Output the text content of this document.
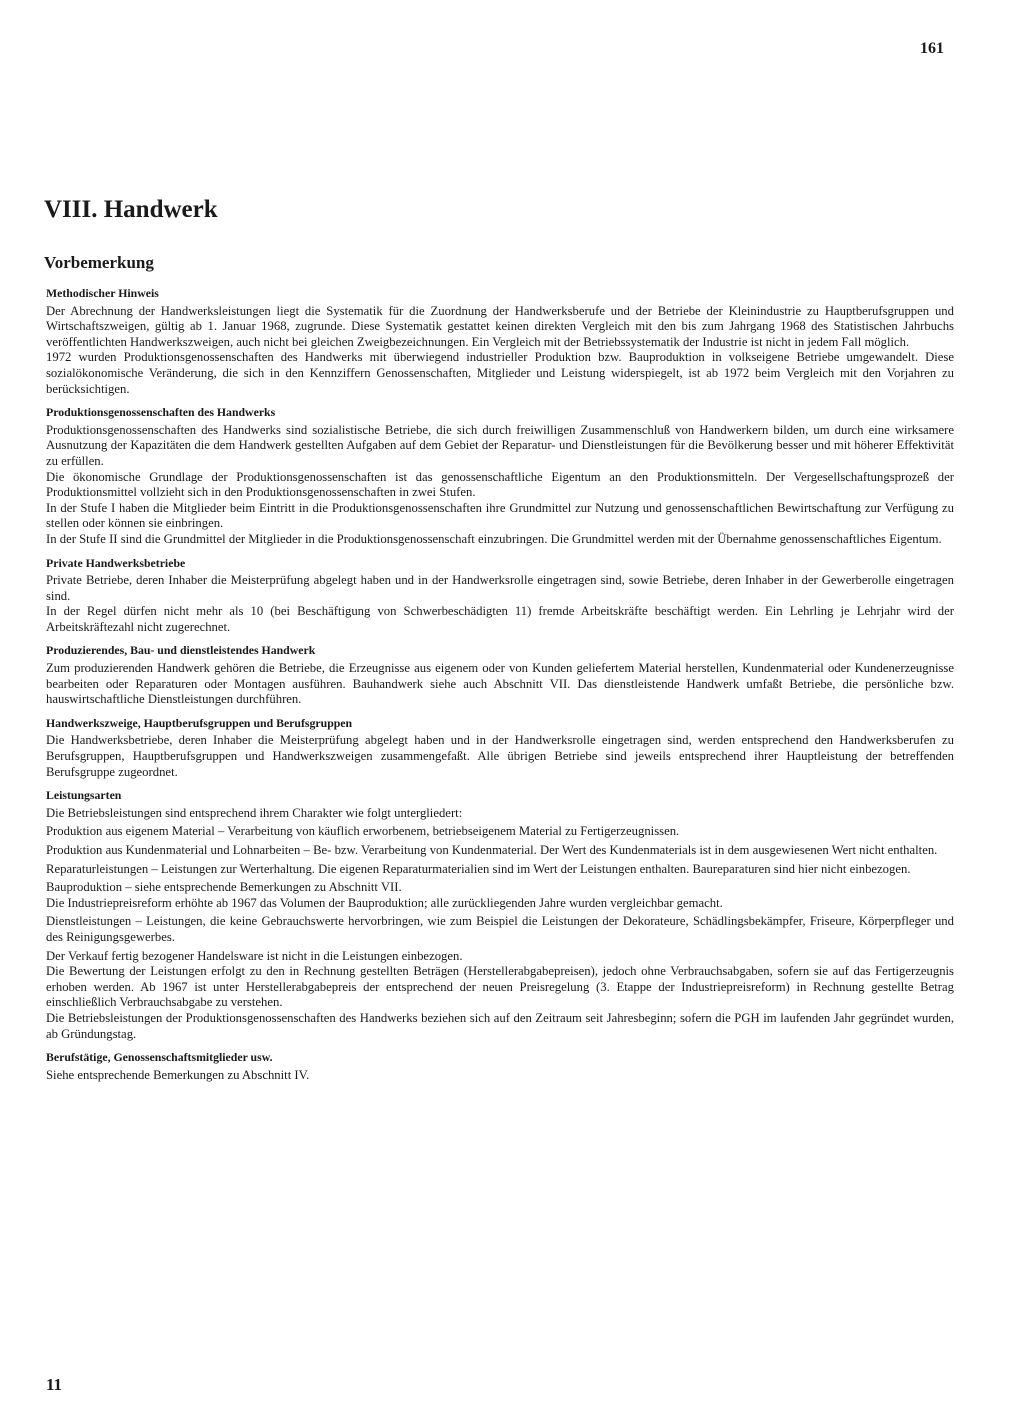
161
VIII. Handwerk
Vorbemerkung
Methodischer Hinweis

Der Abrechnung der Handwerksleistungen liegt die Systematik für die Zuordnung der Handwerksberufe und der Betriebe der Kleinindustrie zu Hauptberufsgruppen und Wirtschaftszweigen, gültig ab 1. Januar 1968, zugrunde. Diese Systematik gestattet keinen direkten Vergleich mit den bis zum Jahrgang 1968 des Statistischen Jahrbuchs veröffentlichten Handwerkszweigen, auch nicht bei gleichen Zweigbezeichnungen. Ein Vergleich mit der Betriebssystematik der Industrie ist nicht in jedem Fall möglich.

1972 wurden Produktionsgenossenschaften des Handwerks mit überwiegend industrieller Produktion bzw. Bauproduktion in volkseigene Betriebe umgewandelt. Diese sozialökonomische Veränderung, die sich in den Kennziffern Genossenschaften, Mitglieder und Leistung widerspiegelt, ist ab 1972 beim Vergleich mit den Vorjahren zu berücksichtigen.

Produktionsgenossenschaften des Handwerks

Produktionsgenossenschaften des Handwerks sind sozialistische Betriebe, die sich durch freiwilligen Zusammenschluß von Handwerkern bilden, um durch eine wirksamere Ausnutzung der Kapazitäten die dem Handwerk gestellten Aufgaben auf dem Gebiet der Reparatur- und Dienstleistungen für die Bevölkerung besser und mit höherer Effektivität zu erfüllen.

Die ökonomische Grundlage der Produktionsgenossenschaften ist das genossenschaftliche Eigentum an den Produktionsmitteln. Der Vergesellschaftungsprozeß der Produktionsmittel vollzieht sich in den Produktionsgenossenschaften in zwei Stufen.

In der Stufe I haben die Mitglieder beim Eintritt in die Produktionsgenossenschaften ihre Grundmittel zur Nutzung und genossenschaftlichen Bewirtschaftung zur Verfügung zu stellen oder können sie einbringen.

In der Stufe II sind die Grundmittel der Mitglieder in die Produktionsgenossenschaft einzubringen. Die Grundmittel werden mit der Übernahme genossenschaftliches Eigentum.

Private Handwerksbetriebe

Private Betriebe, deren Inhaber die Meisterprüfung abgelegt haben und in der Handwerksrolle eingetragen sind, sowie Betriebe, deren Inhaber in der Gewerberolle eingetragen sind.

In der Regel dürfen nicht mehr als 10 (bei Beschäftigung von Schwerbeschädigten 11) fremde Arbeitskräfte beschäftigt werden. Ein Lehrling je Lehrjahr wird der Arbeitskräftezahl nicht zugerechnet.

Produzierendes, Bau- und dienstleistendes Handwerk

Zum produzierenden Handwerk gehören die Betriebe, die Erzeugnisse aus eigenem oder von Kunden geliefertem Material herstellen, Kundenmaterial oder Kundenerzeugnisse bearbeiten oder Reparaturen oder Montagen ausführen. Bauhandwerk siehe auch Abschnitt VII. Das dienstleistende Handwerk umfaßt Betriebe, die persönliche bzw. hauswirtschaftliche Dienstleistungen durchführen.

Handwerkszweige, Hauptberufsgruppen und Berufsgruppen

Die Handwerksbetriebe, deren Inhaber die Meisterprüfung abgelegt haben und in der Handwerksrolle eingetragen sind, werden entsprechend den Handwerksberufen zu Berufsgruppen, Hauptberufsgruppen und Handwerkszweigen zusammengefaßt. Alle übrigen Betriebe sind jeweils entsprechend ihrer Hauptleistung der betreffenden Berufsgruppe zugeordnet.

Leistungsarten

Die Betriebsleistungen sind entsprechend ihrem Charakter wie folgt untergliedert:

Produktion aus eigenem Material – Verarbeitung von käuflich erworbenem, betriebseigenem Material zu Fertigerzeugnissen.

Produktion aus Kundenmaterial und Lohnarbeiten – Be- bzw. Verarbeitung von Kundenmaterial. Der Wert des Kundenmaterials ist in dem ausgewiesenen Wert nicht enthalten.

Reparaturleistungen – Leistungen zur Werterhaltung. Die eigenen Reparaturmaterialien sind im Wert der Leistungen enthalten. Baureparaturen sind hier nicht einbezogen.

Bauproduktion – siehe entsprechende Bemerkungen zu Abschnitt VII.

Die Industriepreisreform erhöhte ab 1967 das Volumen der Bauproduktion; alle zurückliegenden Jahre wurden vergleichbar gemacht.

Dienstleistungen – Leistungen, die keine Gebrauchswerte hervorbringen, wie zum Beispiel die Leistungen der Dekorateure, Schädlingsbekämpfer, Friseure, Körperpfleger und des Reinigungsgewerbes.

Der Verkauf fertig bezogener Handelsware ist nicht in die Leistungen einbezogen.

Die Bewertung der Leistungen erfolgt zu den in Rechnung gestellten Beträgen (Herstellerabgabepreisen), jedoch ohne Verbrauchsabgaben, sofern sie auf das Fertigerzeugnis erhoben werden. Ab 1967 ist unter Herstellerabgabepreis der entsprechend der neuen Preisregelung (3. Etappe der Industriepreisreform) in Rechnung gestellte Betrag einschließlich Verbrauchsabgabe zu verstehen.

Die Betriebsleistungen der Produktionsgenossenschaften des Handwerks beziehen sich auf den Zeitraum seit Jahresbeginn; sofern die PGH im laufenden Jahr gegründet wurden, ab Gründungstag.

Berufstätige, Genossenschaftsmitglieder usw.

Siehe entsprechende Bemerkungen zu Abschnitt IV.

11
